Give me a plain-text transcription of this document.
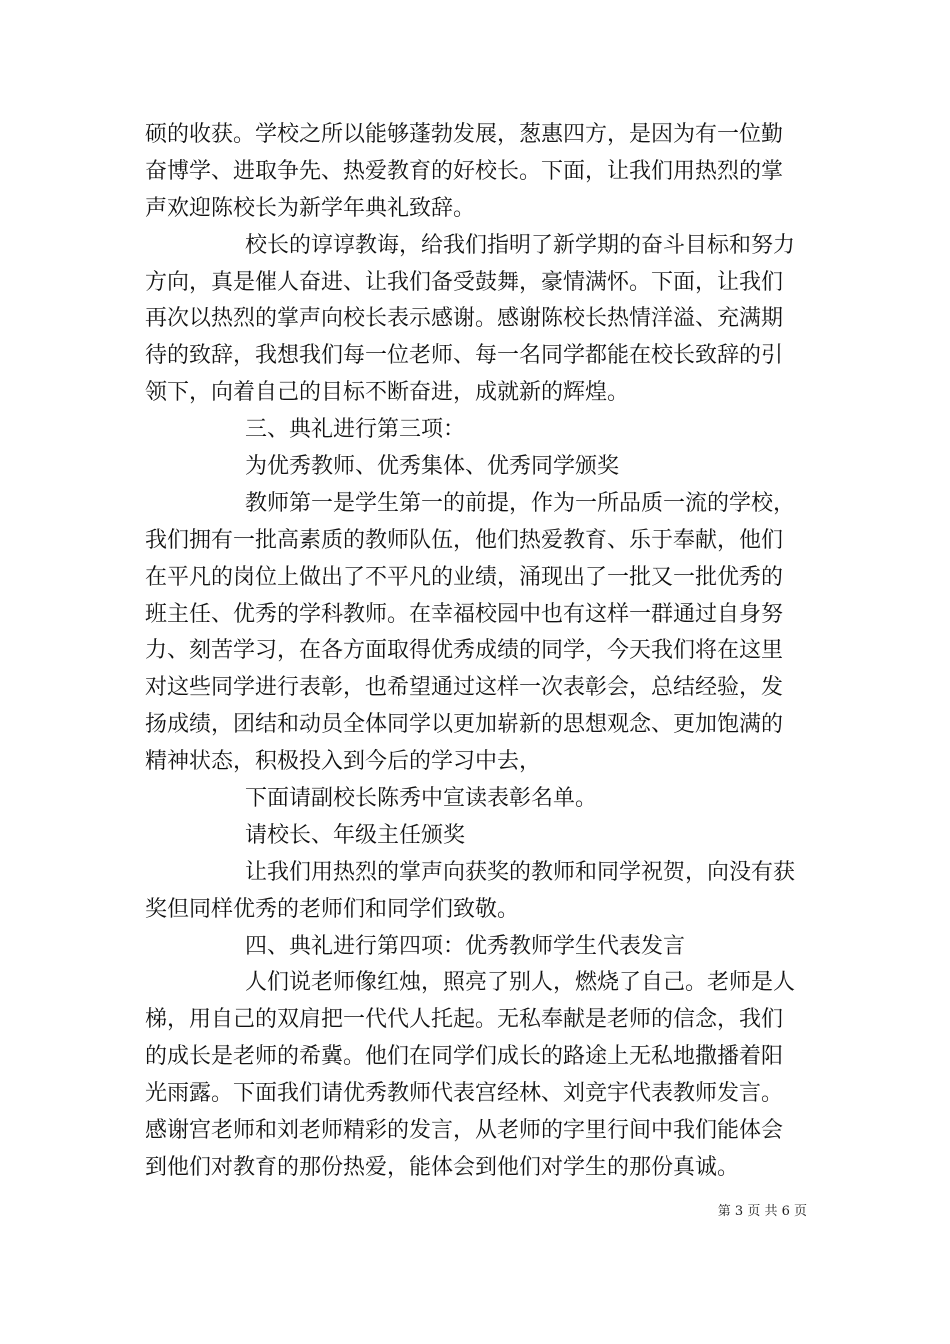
硕的收获。学校之所以能够蓬勃发展，葱惠四方，是因为有一位勤
奋博学、进取争先、热爱教育的好校长。下面，让我们用热烈的掌
声欢迎陈校长为新学年典礼致辞。
校长的谆谆教诲，给我们指明了新学期的奋斗目标和努力
方向，真是催人奋进、让我们备受鼓舞，豪情满怀。下面，让我们
再次以热烈的掌声向校长表示感谢。感谢陈校长热情洋溢、充满期
待的致辞，我想我们每一位老师、每一名同学都能在校长致辞的引
领下，向着自己的目标不断奋进，成就新的辉煌。
三、典礼进行第三项：
为优秀教师、优秀集体、优秀同学颁奖
教师第一是学生第一的前提，作为一所品质一流的学校，
我们拥有一批高素质的教师队伍，他们热爱教育、乐于奉献，他们
在平凡的岗位上做出了不平凡的业绩，涌现出了一批又一批优秀的
班主任、优秀的学科教师。在幸福校园中也有这样一群通过自身努
力、刻苦学习，在各方面取得优秀成绩的同学，今天我们将在这里
对这些同学进行表彰，也希望通过这样一次表彰会，总结经验，发
扬成绩，团结和动员全体同学以更加崭新的思想观念、更加饱满的
精神状态，积极投入到今后的学习中去，
下面请副校长陈秀中宣读表彰名单。
请校长、年级主任颁奖
让我们用热烈的掌声向获奖的教师和同学祝贺，向没有获
奖但同样优秀的老师们和同学们致敬。
四、典礼进行第四项：优秀教师学生代表发言
人们说老师像红烛，照亮了别人，燃烧了自己。老师是人
梯，用自己的双肩把一代代人托起。无私奉献是老师的信念，我们
的成长是老师的希冀。他们在同学们成长的路途上无私地撒播着阳
光雨露。下面我们请优秀教师代表宫经林、刘竞宇代表教师发言。
感谢宫老师和刘老师精彩的发言，从老师的字里行间中我们能体会
到他们对教育的那份热爱，能体会到他们对学生的那份真诚。
第 3 页 共 6 页
